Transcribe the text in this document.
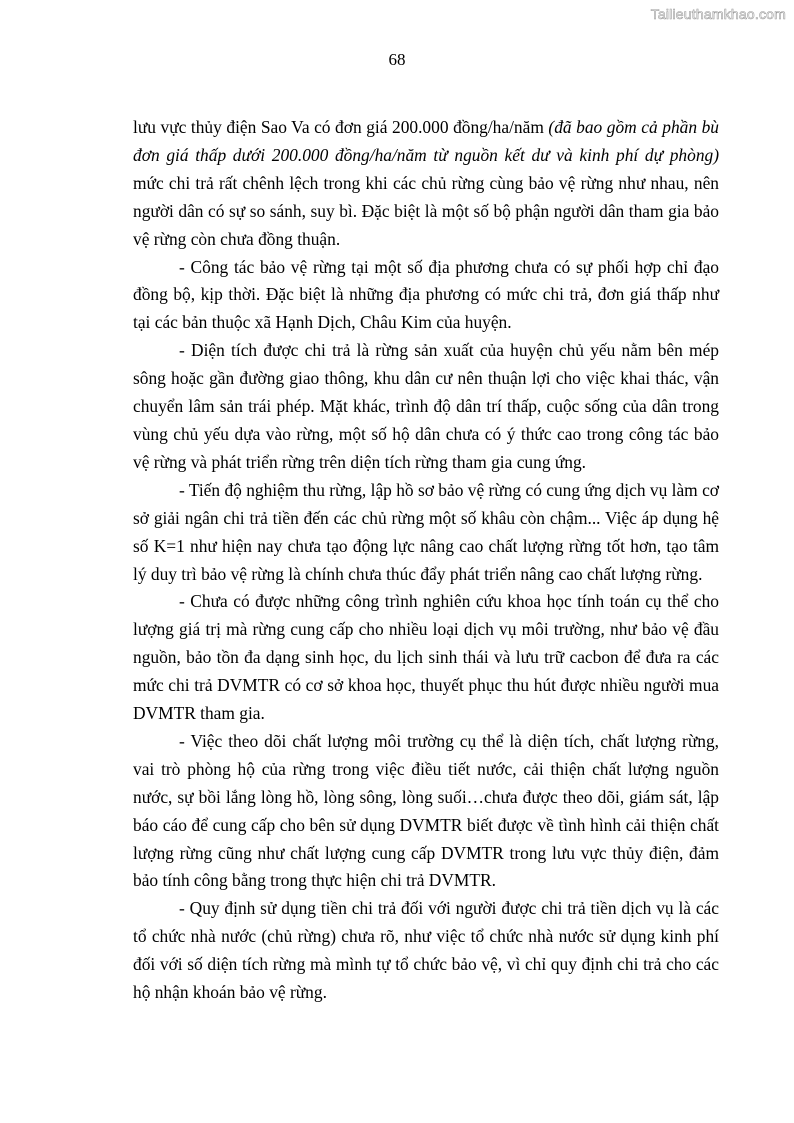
Tailieuthamkhao.com
68

lưu vực thủy điện Sao Va có đơn giá 200.000 đồng/ha/năm (đã bao gồm cả phần bù đơn giá thấp dưới 200.000 đồng/ha/năm từ nguồn kết dư và kinh phí dự phòng) mức chi trả rất chênh lệch trong khi các chủ rừng cùng bảo vệ rừng như nhau, nên người dân có sự so sánh, suy bì. Đặc biệt là một số bộ phận người dân tham gia bảo vệ rừng còn chưa đồng thuận.

- Công tác bảo vệ rừng tại một số địa phương chưa có sự phối hợp chỉ đạo đồng bộ, kịp thời. Đặc biệt là những địa phương có mức chi trả, đơn giá thấp như tại các bản thuộc xã Hạnh Dịch, Châu Kim của huyện.

- Diện tích được chi trả là rừng sản xuất của huyện chủ yếu nằm bên mép sông hoặc gần đường giao thông, khu dân cư nên thuận lợi cho việc khai thác, vận chuyển lâm sản trái phép. Mặt khác, trình độ dân trí thấp, cuộc sống của dân trong vùng chủ yếu dựa vào rừng, một số hộ dân chưa có ý thức cao trong công tác bảo vệ rừng và phát triển rừng trên diện tích rừng tham gia cung ứng.

- Tiến độ nghiệm thu rừng, lập hồ sơ bảo vệ rừng có cung ứng dịch vụ làm cơ sở giải ngân chi trả tiền đến các chủ rừng một số khâu còn chậm... Việc áp dụng hệ số K=1 như hiện nay chưa tạo động lực nâng cao chất lượng rừng tốt hơn, tạo tâm lý duy trì bảo vệ rừng là chính chưa thúc đẩy phát triển nâng cao chất lượng rừng.

- Chưa có được những công trình nghiên cứu khoa học tính toán cụ thể cho lượng giá trị mà rừng cung cấp cho nhiều loại dịch vụ môi trường, như bảo vệ đầu nguồn, bảo tồn đa dạng sinh học, du lịch sinh thái và lưu trữ cacbon để đưa ra các mức chi trả DVMTR có cơ sở khoa học, thuyết phục thu hút được nhiều người mua DVMTR tham gia.

- Việc theo dõi chất lượng môi trường cụ thể là diện tích, chất lượng rừng, vai trò phòng hộ của rừng trong việc điều tiết nước, cải thiện chất lượng nguồn nước, sự bồi lắng lòng hồ, lòng sông, lòng suối…chưa được theo dõi, giám sát, lập báo cáo để cung cấp cho bên sử dụng DVMTR biết được về tình hình cải thiện chất lượng rừng cũng như chất lượng cung cấp DVMTR trong lưu vực thủy điện, đảm bảo tính công bằng trong thực hiện chi trả DVMTR.

- Quy định sử dụng tiền chi trả đối với người được chi trả tiền dịch vụ là các tổ chức nhà nước (chủ rừng) chưa rõ, như việc tổ chức nhà nước sử dụng kinh phí đối với số diện tích rừng mà mình tự tổ chức bảo vệ, vì chỉ quy định chi trả cho các hộ nhận khoán bảo vệ rừng.
